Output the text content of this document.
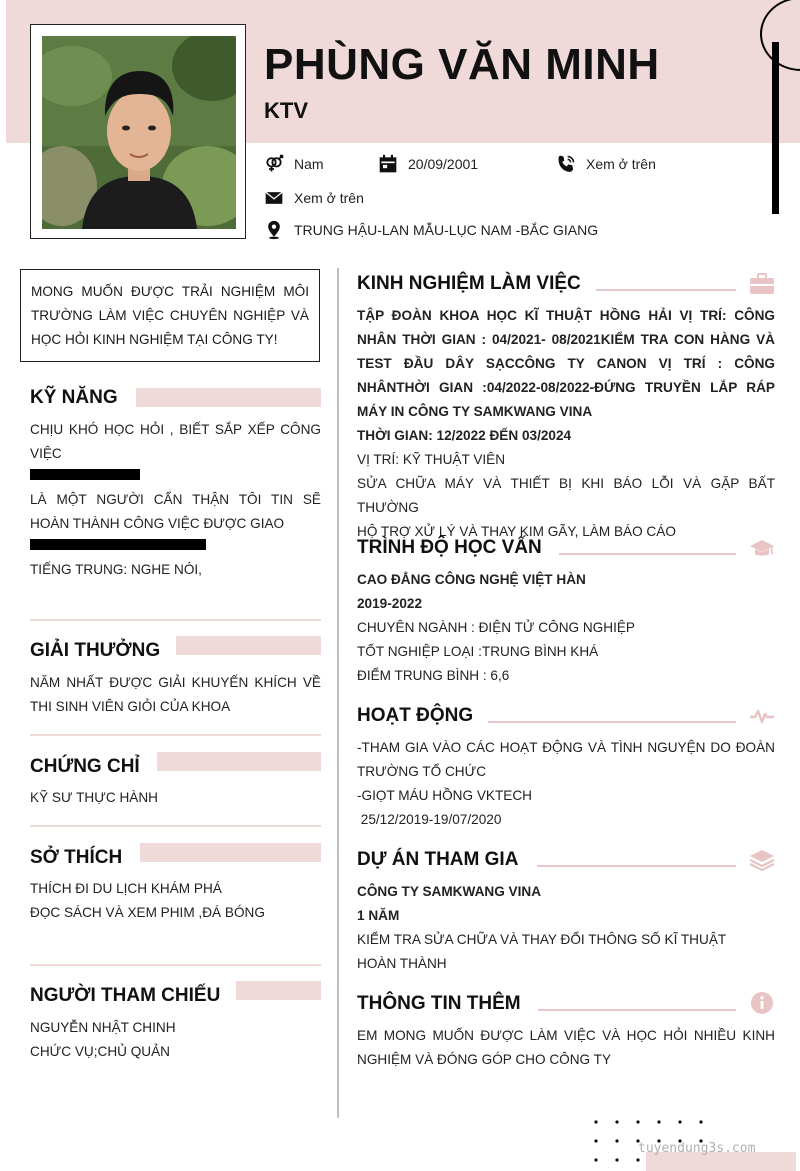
PHÙNG VĂN MINH
KTV
Nam	20/09/2001	Xem ở trên
Xem ở trên
TRUNG HẬU-LAN MẪU-LỤC NAM -BẮC GIANG
MONG MUỐN ĐƯỢC TRẢI NGHIỆM MÔI TRƯỜNG LÀM VIỆC CHUYÊN NGHIỆP VÀ HỌC HỎI KINH NGHIỆM TẠI CÔNG TY!
KỸ NĂNG
CHỊU KHÓ HỌC HỎI , BIẾT SẮP XẾP CÔNG VIỆC
LÀ MỘT NGƯỜI CẨN THẬN TÔI TIN SẼ HOÀN THÀNH CÔNG VIỆC ĐƯỢC GIAO
TIẾNG TRUNG: NGHE NÓI,
GIẢI THƯỞNG
NĂM NHẤT ĐƯỢC GIẢI KHUYẾN KHÍCH VỀ THI SINH VIÊN GIỎI CỦA KHOA
CHỨNG CHỈ
KỸ SƯ THỰC HÀNH
SỞ THÍCH
THÍCH ĐI DU LỊCH KHÁM PHÁ
ĐỌC SÁCH VÀ XEM PHIM ,ĐÁ BÓNG
NGƯỜI THAM CHIẾU
NGUYỄN NHẬT CHINH
CHỨC VỤ;CHỦ QUẢN
KINH NGHIỆM LÀM VIỆC
TẬP ĐOÀN KHOA HỌC KĨ THUẬT HỒNG HẢI VỊ TRÍ: CÔNG NHÂN THỜI GIAN : 04/2021- 08/2021KIỂM TRA CON HÀNG VÀ TEST ĐẦU DÂY SẠCCÔNG TY CANON VỊ TRÍ : CÔNG NHÂNTHỜI GIAN :04/2022-08/2022-ĐỨNG TRUYỀN LẮP RÁP MÁY IN CÔNG TY SAMKWANG VINA
THỜI GIAN: 12/2022 ĐẾN 03/2024
VỊ TRÍ: KỸ THUẬT VIÊN
SỬA CHỮA MÁY VÀ THIẾT BỊ KHI BÁO LỖI VÀ GẶP BẤT THƯỜNG
HỘ TRỢ XỬ LÝ VÀ THAY KIM GÃY, LÀM BÁO CÁO
TRÌNH ĐỘ HỌC VẤN
CAO ĐẲNG CÔNG NGHỆ VIỆT HÀN
2019-2022
CHUYÊN NGÀNH : ĐIỆN TỬ CÔNG NGHIỆP
TỐT NGHIỆP LOẠI :TRUNG BÌNH KHÁ
ĐIỂM TRUNG BÌNH : 6,6
HOẠT ĐỘNG
-THAM GIA VÀO CÁC HOẠT ĐỘNG VÀ TÌNH NGUYỆN DO ĐOÀN TRƯỜNG TỔ CHỨC
-GIỌT MÁU HỒNG VKTECH
25/12/2019-19/07/2020
DỰ ÁN THAM GIA
CÔNG TY SAMKWANG VINA
1 NĂM
KIỂM TRA SỬA CHỮA VÀ THAY ĐỔI THÔNG SỐ KĨ THUẬT
HOÀN THÀNH
THÔNG TIN THÊM
EM MONG MUỐN ĐƯỢC LÀM VIỆC VÀ HỌC HỎI NHIỀU KINH NGHIỆM VÀ ĐÓNG GÓP CHO CÔNG TY
tuyendung3s.com
